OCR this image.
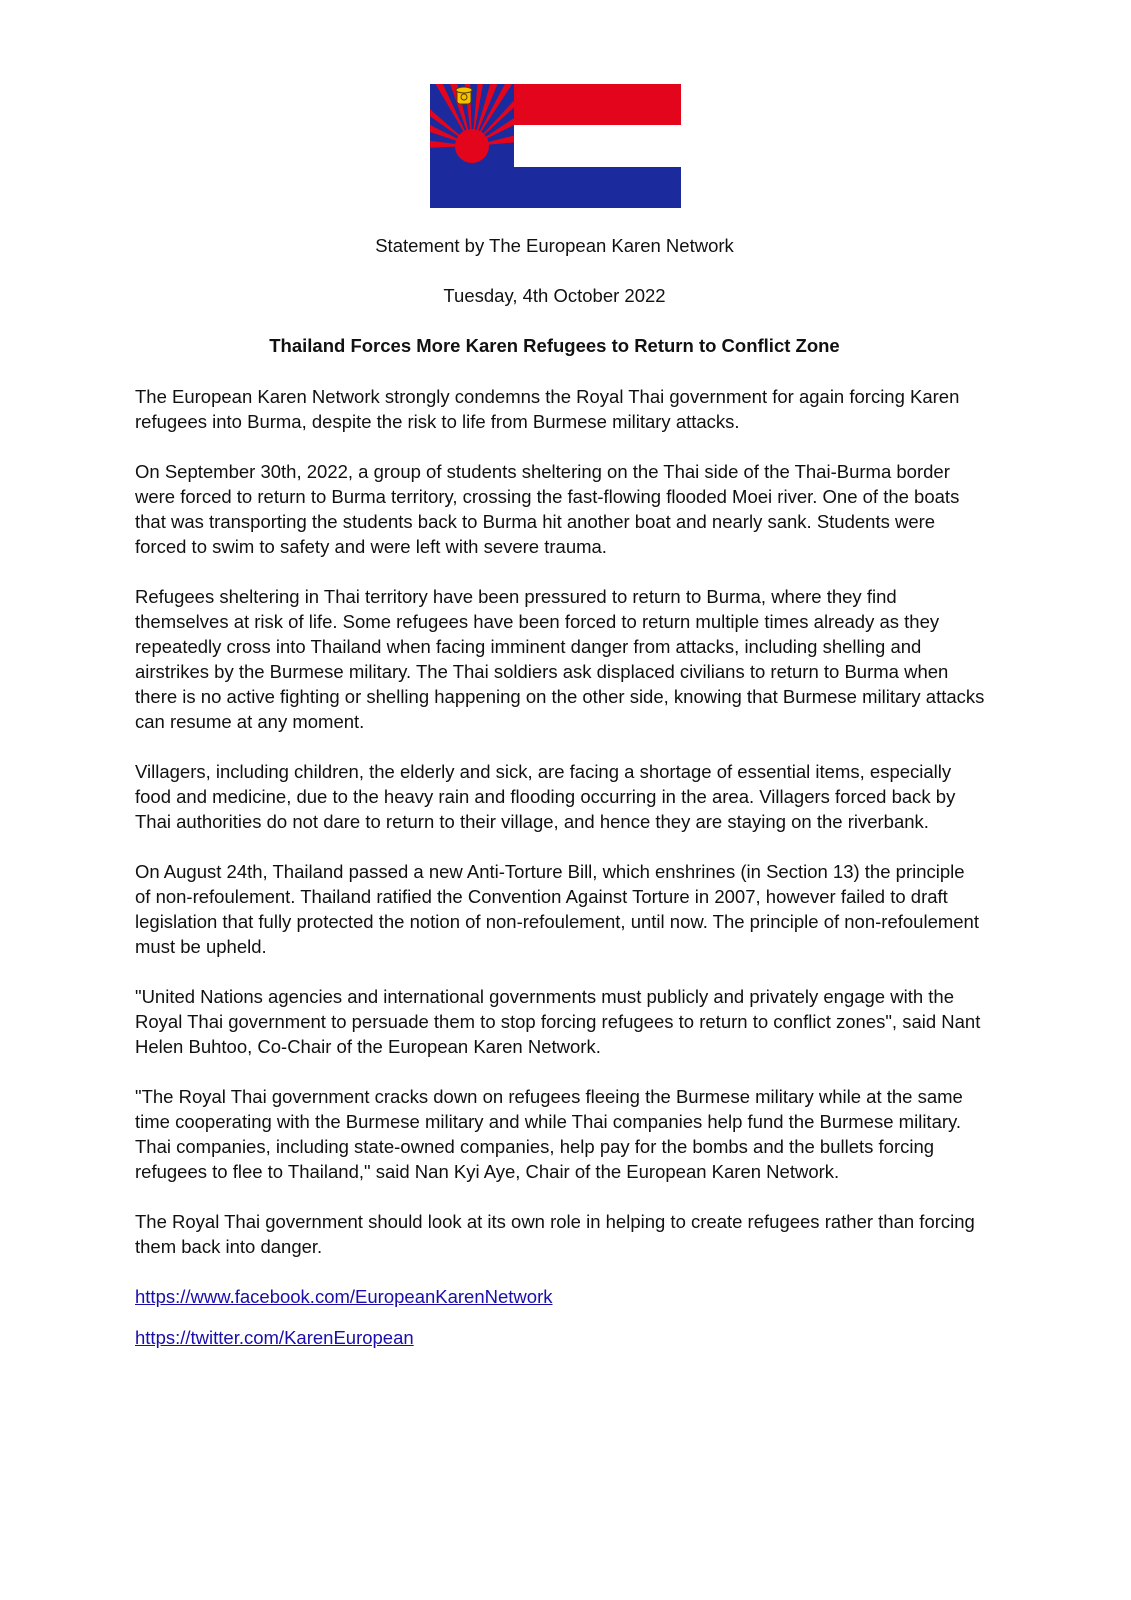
Statement by The European Karen Network
Tuesday, 4th October 2022
Thailand Forces More Karen Refugees to Return to Conflict Zone

The European Karen Network strongly condemns the Royal Thai government for again forcing Karen refugees into Burma, despite the risk to life from Burmese military attacks.

On September 30th, 2022, a group of students sheltering on the Thai side of the Thai-Burma border were forced to return to Burma territory, crossing the fast-flowing flooded Moei river. One of the boats that was transporting the students back to Burma hit another boat and nearly sank. Students were forced to swim to safety and were left with severe trauma.

Refugees sheltering in Thai territory have been pressured to return to Burma, where they find themselves at risk of life. Some refugees have been forced to return multiple times already as they repeatedly cross into Thailand when facing imminent danger from attacks, including shelling and airstrikes by the Burmese military. The Thai soldiers ask displaced civilians to return to Burma when there is no active fighting or shelling happening on the other side, knowing that Burmese military attacks can resume at any moment.

Villagers, including children, the elderly and sick, are facing a shortage of essential items, especially food and medicine, due to the heavy rain and flooding occurring in the area. Villagers forced back by Thai authorities do not dare to return to their village, and hence they are staying on the riverbank.

On August 24th, Thailand passed a new Anti-Torture Bill, which enshrines (in Section 13) the principle of non-refoulement. Thailand ratified the Convention Against Torture in 2007, however failed to draft legislation that fully protected the notion of non-refoulement, until now. The principle of non-refoulement must be upheld.

"United Nations agencies and international governments must publicly and privately engage with the Royal Thai government to persuade them to stop forcing refugees to return to conflict zones", said Nant Helen Buhtoo, Co-Chair of the European Karen Network.

"The Royal Thai government cracks down on refugees fleeing the Burmese military while at the same time cooperating with the Burmese military and while Thai companies help fund the Burmese military. Thai companies, including state-owned companies, help pay for the bombs and the bullets forcing refugees to flee to Thailand," said Nan Kyi Aye, Chair of the European Karen Network.

The Royal Thai government should look at its own role in helping to create refugees rather than forcing them back into danger.

https://www.facebook.com/EuropeanKarenNetwork
https://twitter.com/KarenEuropean
